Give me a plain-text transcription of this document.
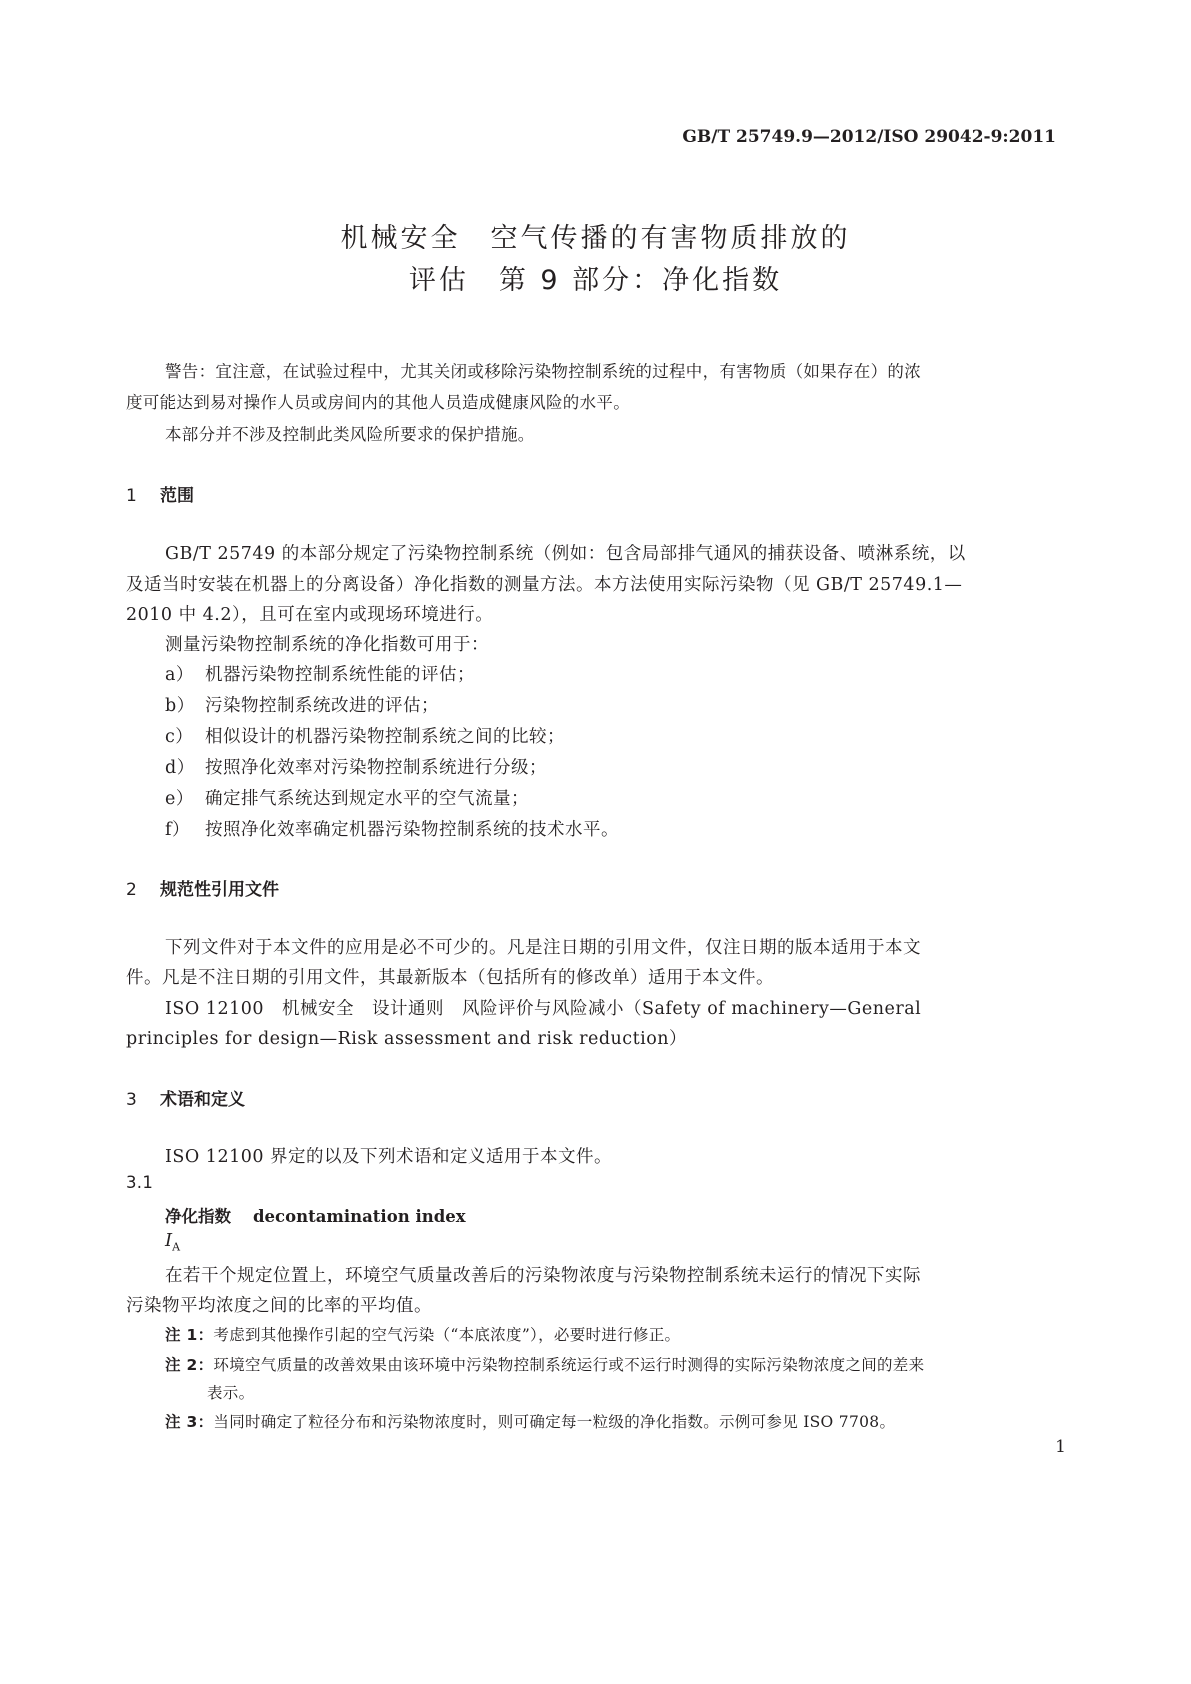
GB/T 25749.9—2012/ISO 29042-9:2011
机械安全　空气传播的有害物质排放的
评估　第 9 部分：净化指数
警告：宜注意，在试验过程中，尤其关闭或移除污染物控制系统的过程中，有害物质（如果存在）的浓
度可能达到易对操作人员或房间内的其他人员造成健康风险的水平。
本部分并不涉及控制此类风险所要求的保护措施。
1 范围
GB/T 25749 的本部分规定了污染物控制系统（例如：包含局部排气通风的捕获设备、喷淋系统，以
及适当时安装在机器上的分离设备）净化指数的测量方法。本方法使用实际污染物（见 GB/T 25749.1—
2010 中 4.2），且可在室内或现场环境进行。
测量污染物控制系统的净化指数可用于：
a） 机器污染物控制系统性能的评估；
b） 污染物控制系统改进的评估；
c） 相似设计的机器污染物控制系统之间的比较；
d） 按照净化效率对污染物控制系统进行分级；
e） 确定排气系统达到规定水平的空气流量；
f） 按照净化效率确定机器污染物控制系统的技术水平。
2 规范性引用文件
下列文件对于本文件的应用是必不可少的。凡是注日期的引用文件，仅注日期的版本适用于本文
件。凡是不注日期的引用文件，其最新版本（包括所有的修改单）适用于本文件。
ISO 12100　机械安全　设计通则　风险评价与风险减小（Safety of machinery—General
principles for design—Risk assessment and risk reduction）
3 术语和定义
ISO 12100 界定的以及下列术语和定义适用于本文件。
3.1
净化指数 decontamination index
$I_A$
在若干个规定位置上，环境空气质量改善后的污染物浓度与污染物控制系统未运行的情况下实际
污染物平均浓度之间的比率的平均值。
注 1：考虑到其他操作引起的空气污染（“本底浓度”），必要时进行修正。
注 2：环境空气质量的改善效果由该环境中污染物控制系统运行或不运行时测得的实际污染物浓度之间的差来
表示。
注 3：当同时确定了粒径分布和污染物浓度时，则可确定每一粒级的净化指数。示例可参见 ISO 7708。
1
